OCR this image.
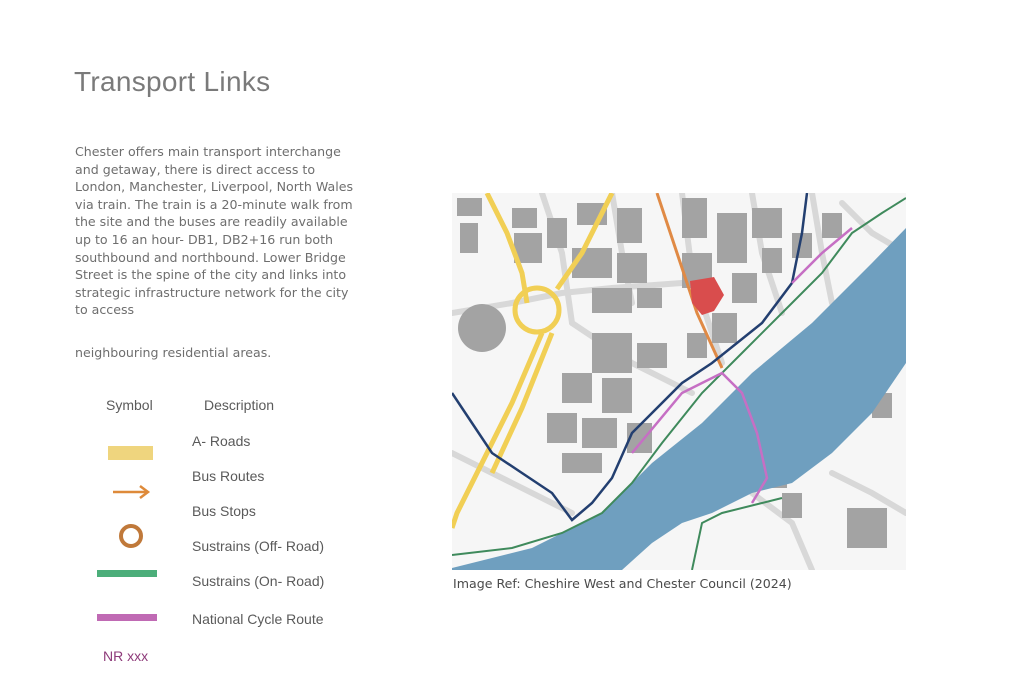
Transport Links
Chester offers main transport interchange and getaway, there is direct access to London, Manchester, Liverpool, North Wales via train. The train is a 20-minute walk from the site and the buses are readily available up to 16 an hour- DB1, DB2+16 run both southbound and northbound. Lower Bridge Street is the spine of the city and links into strategic infrastructure network for the city to access
neighbouring residential areas.
Symbol	Description
A- Roads
Bus Routes
Bus Stops
Sustrains (Off- Road)
Sustrains (On- Road)
National Cycle Route
NR xxx
Image Ref: Cheshire West and Chester Council (2024)
